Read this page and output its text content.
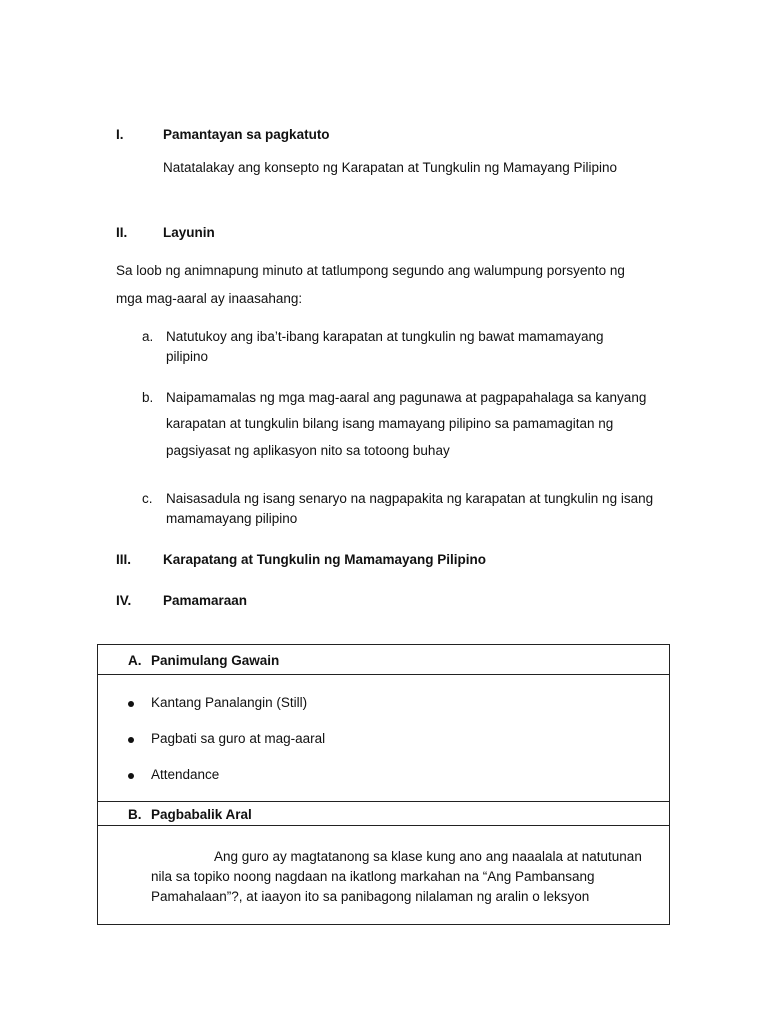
I.	Pamantayan sa pagkatuto
Natatalakay ang konsepto ng Karapatan at Tungkulin ng Mamayang Pilipino
II.	Layunin
Sa loob ng animnapung minuto at tatlumpong segundo ang walumpung porsyento ng
mga mag-aaral ay inaasahang:
a. Natutukoy ang iba’t-ibang karapatan at tungkulin ng bawat mamamayang
pilipino
b. Naipamamalas ng mga mag-aaral ang pagunawa at pagpapahalaga sa kanyang
karapatan at tungkulin bilang isang mamayang pilipino sa pamamagitan ng
pagsiyasat ng aplikasyon nito sa totoong buhay
c. Naisasadula ng isang senaryo na nagpapakita ng karapatan at tungkulin ng isang
mamamayang pilipino
III. Karapatang at Tungkulin ng Mamamayang Pilipino
IV. Pamamaraan
A. Panimulang Gawain
Kantang Panalangin (Still)
Pagbati sa guro at mag-aaral
Attendance
B. Pagbabalik Aral
Ang guro ay magtatanong sa klase kung ano ang naaalala at natutunan
nila sa topiko noong nagdaan na ikatlong markahan na “Ang Pambansang
Pamahalaan”?, at iaayon ito sa panibagong nilalaman ng aralin o leksyon
